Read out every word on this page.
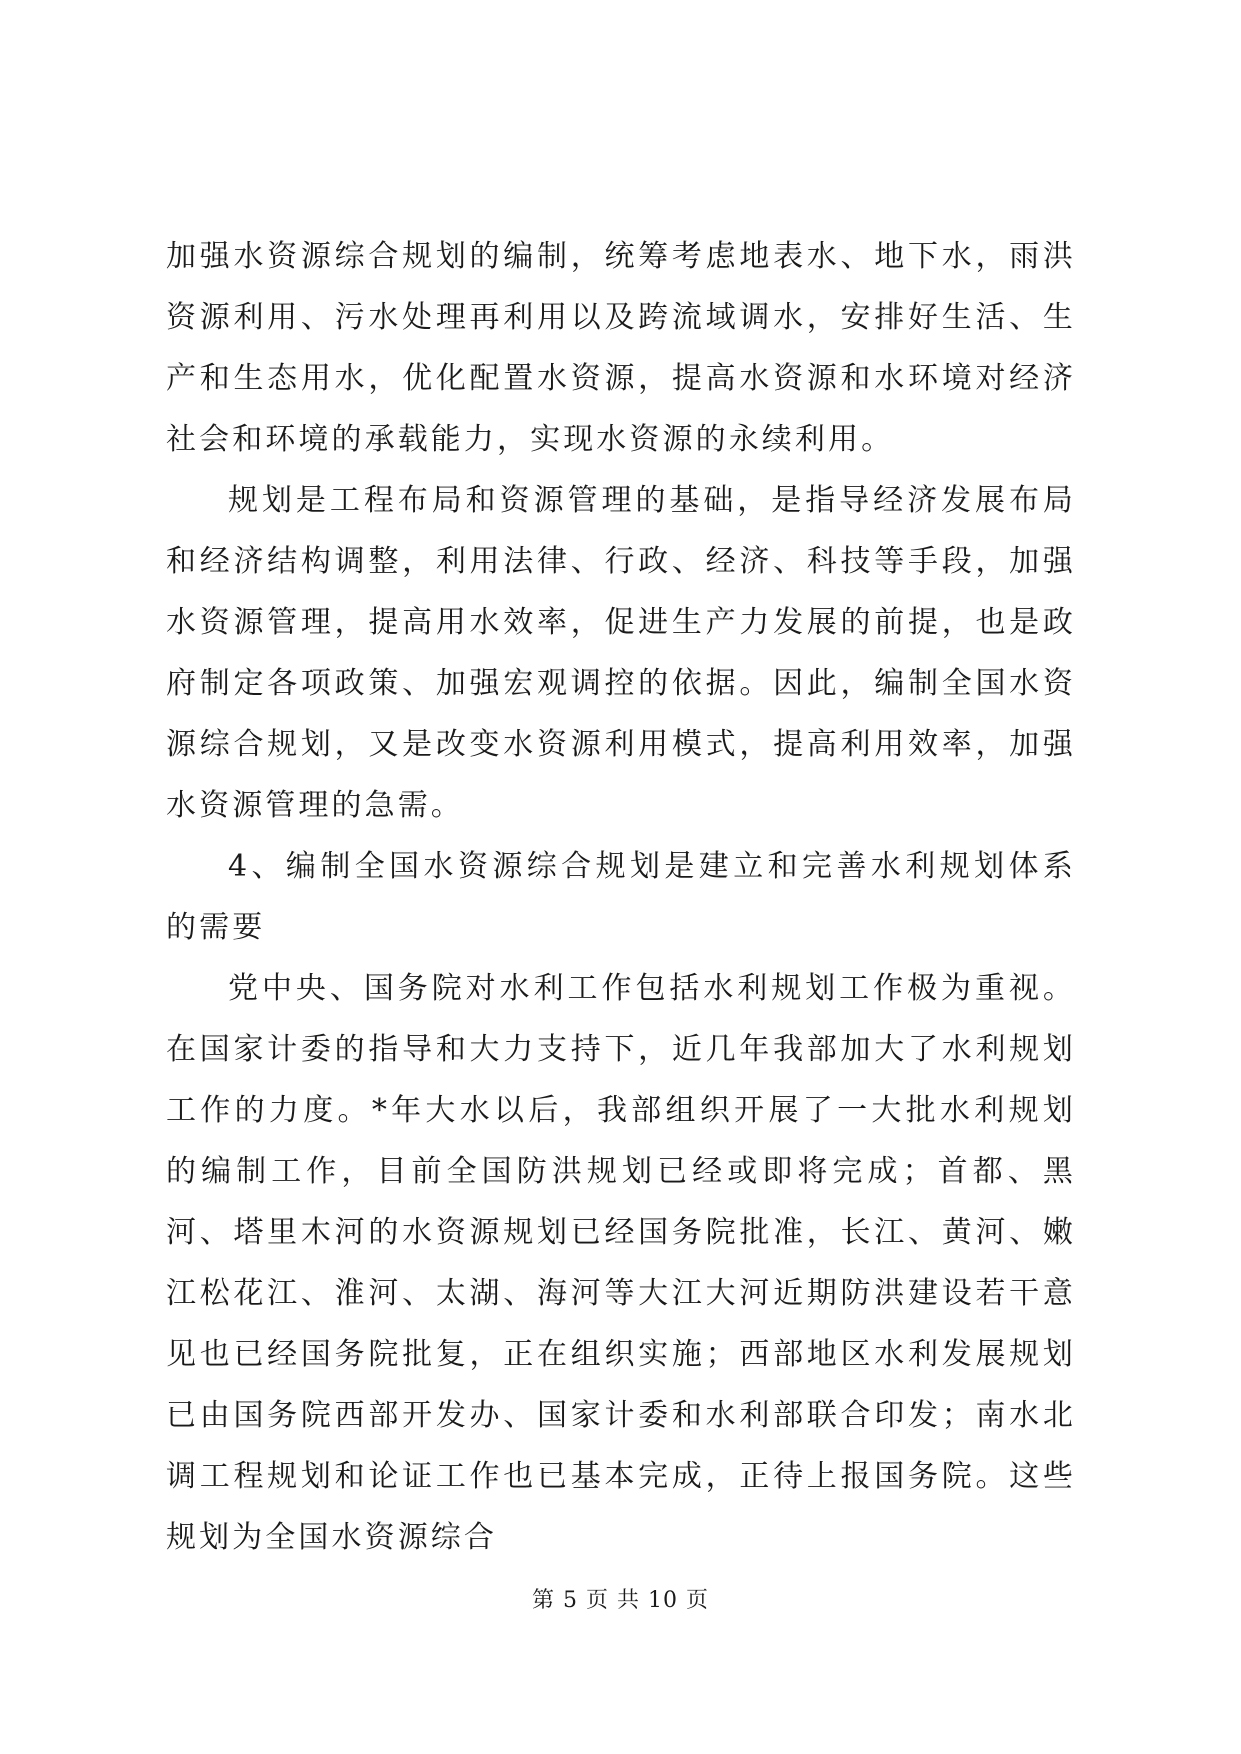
加强水资源综合规划的编制，统筹考虑地表水、地下水，雨洪资源利用、污水处理再利用以及跨流域调水，安排好生活、生产和生态用水，优化配置水资源，提高水资源和水环境对经济社会和环境的承载能力，实现水资源的永续利用。

规划是工程布局和资源管理的基础，是指导经济发展布局和经济结构调整，利用法律、行政、经济、科技等手段，加强水资源管理，提高用水效率，促进生产力发展的前提，也是政府制定各项政策、加强宏观调控的依据。因此，编制全国水资源综合规划，又是改变水资源利用模式，提高利用效率，加强水资源管理的急需。

4、编制全国水资源综合规划是建立和完善水利规划体系的需要

党中央、国务院对水利工作包括水利规划工作极为重视。在国家计委的指导和大力支持下，近几年我部加大了水利规划工作的力度。*年大水以后，我部组织开展了一大批水利规划的编制工作，目前全国防洪规划已经或即将完成；首都、黑河、塔里木河的水资源规划已经国务院批准，长江、黄河、嫩江松花江、淮河、太湖、海河等大江大河近期防洪建设若干意见也已经国务院批复，正在组织实施；西部地区水利发展规划已由国务院西部开发办、国家计委和水利部联合印发；南水北调工程规划和论证工作也已基本完成，正待上报国务院。这些规划为全国水资源综合

第 5 页 共 10 页
